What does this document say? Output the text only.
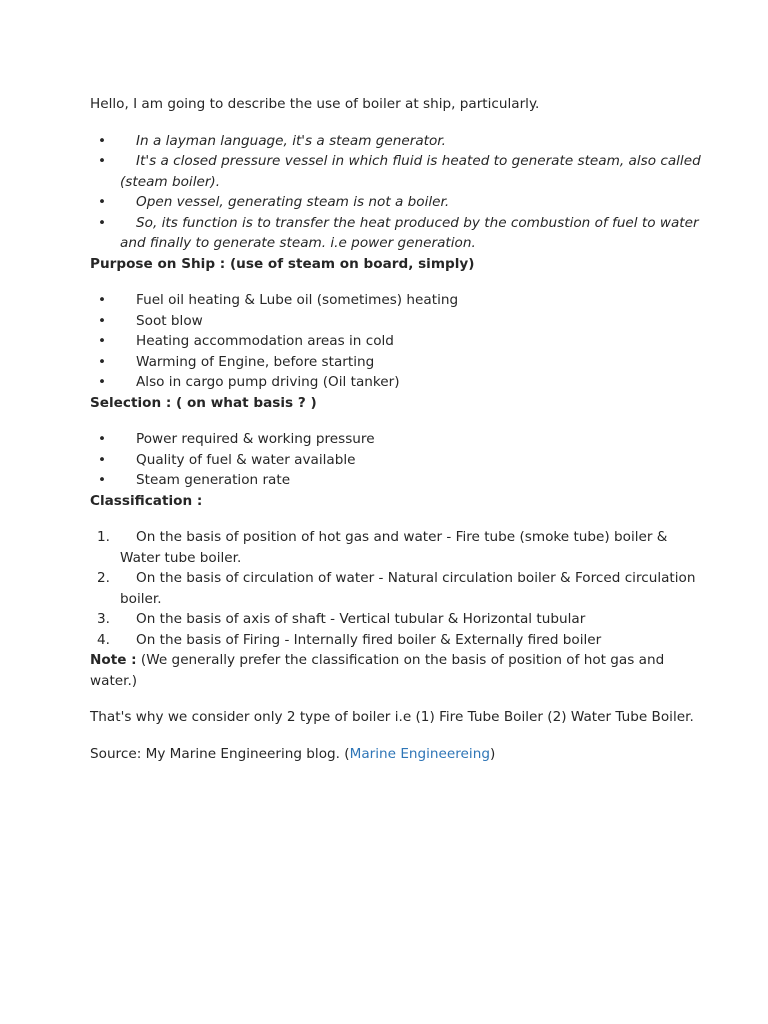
Hello, I am going to describe the use of boiler at ship, particularly.

• In a layman language, it's a steam generator.
• It's a closed pressure vessel in which fluid is heated to generate steam, also called (steam boiler).
• Open vessel, generating steam is not a boiler.
• So, its function is to transfer the heat produced by the combustion of fuel to water and finally to generate steam. i.e power generation.

Purpose on Ship : (use of steam on board, simply)

• Fuel oil heating & Lube oil (sometimes) heating
• Soot blow
• Heating accommodation areas in cold
• Warming of Engine, before starting
• Also in cargo pump driving (Oil tanker)

Selection : ( on what basis ? )

• Power required & working pressure
• Quality of fuel & water available
• Steam generation rate

Classification :

1. On the basis of position of hot gas and water - Fire tube (smoke tube) boiler & Water tube boiler.
2. On the basis of circulation of water - Natural circulation boiler & Forced circulation boiler.
3. On the basis of axis of shaft - Vertical tubular & Horizontal tubular
4. On the basis of Firing - Internally fired boiler & Externally fired boiler

Note : (We generally prefer the classification on the basis of position of hot gas and water.)

That's why we consider only 2 type of boiler i.e (1) Fire Tube Boiler (2) Water Tube Boiler.

Source: My Marine Engineering blog. (Marine Engineereing)
